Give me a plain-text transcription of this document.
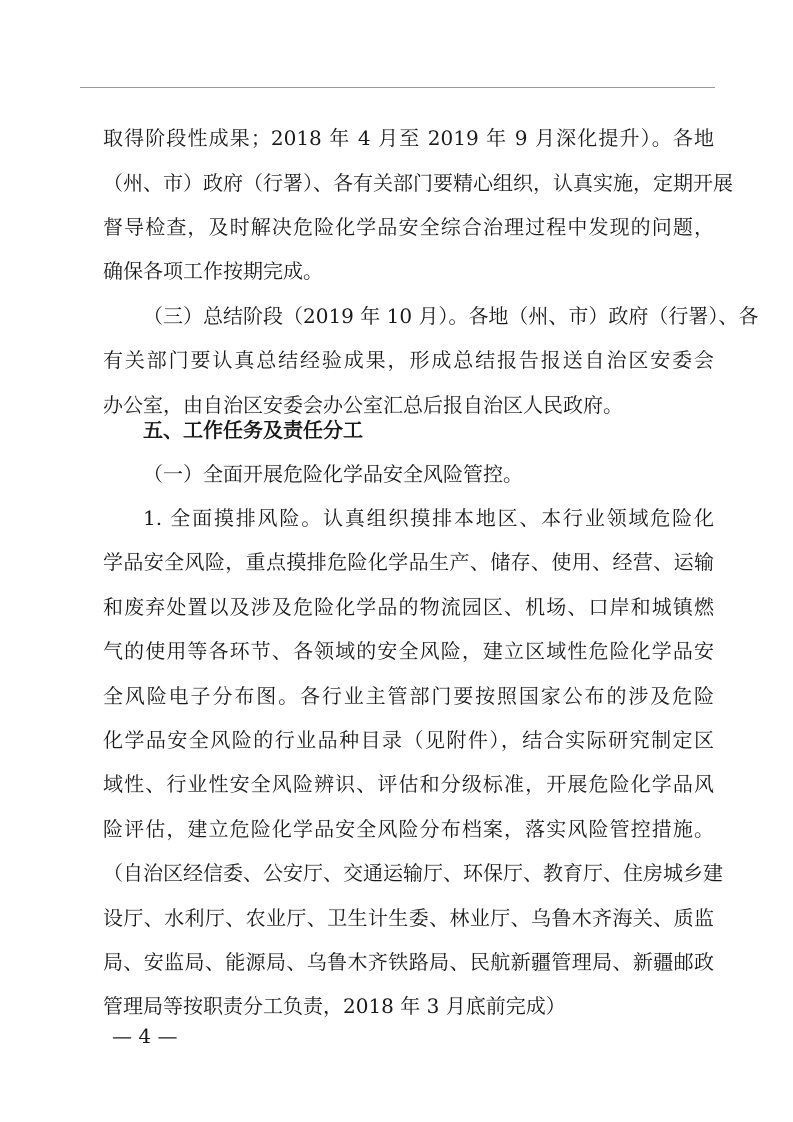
取得阶段性成果；2018 年 4 月至 2019 年 9 月深化提升）。各地
（州、市）政府（行署）、各有关部门要精心组织，认真实施，定期开展
督导检查，及时解决危险化学品安全综合治理过程中发现的问题，
确保各项工作按期完成。
（三）总结阶段（2019 年 10 月）。各地（州、市）政府（行署）、各
有关部门要认真总结经验成果，形成总结报告报送自治区安委会
办公室，由自治区安委会办公室汇总后报自治区人民政府。
五、工作任务及责任分工
（一）全面开展危险化学品安全风险管控。
1. 全面摸排风险。认真组织摸排本地区、本行业领域危险化
学品安全风险，重点摸排危险化学品生产、储存、使用、经营、运输
和废弃处置以及涉及危险化学品的物流园区、机场、口岸和城镇燃
气的使用等各环节、各领域的安全风险，建立区域性危险化学品安
全风险电子分布图。各行业主管部门要按照国家公布的涉及危险
化学品安全风险的行业品种目录（见附件），结合实际研究制定区
域性、行业性安全风险辨识、评估和分级标准，开展危险化学品风
险评估，建立危险化学品安全风险分布档案，落实风险管控措施。
（自治区经信委、公安厅、交通运输厅、环保厅、教育厅、住房城乡建
设厅、水利厅、农业厅、卫生计生委、林业厅、乌鲁木齐海关、质监
局、安监局、能源局、乌鲁木齐铁路局、民航新疆管理局、新疆邮政
管理局等按职责分工负责，2018 年 3 月底前完成）
— 4 —
